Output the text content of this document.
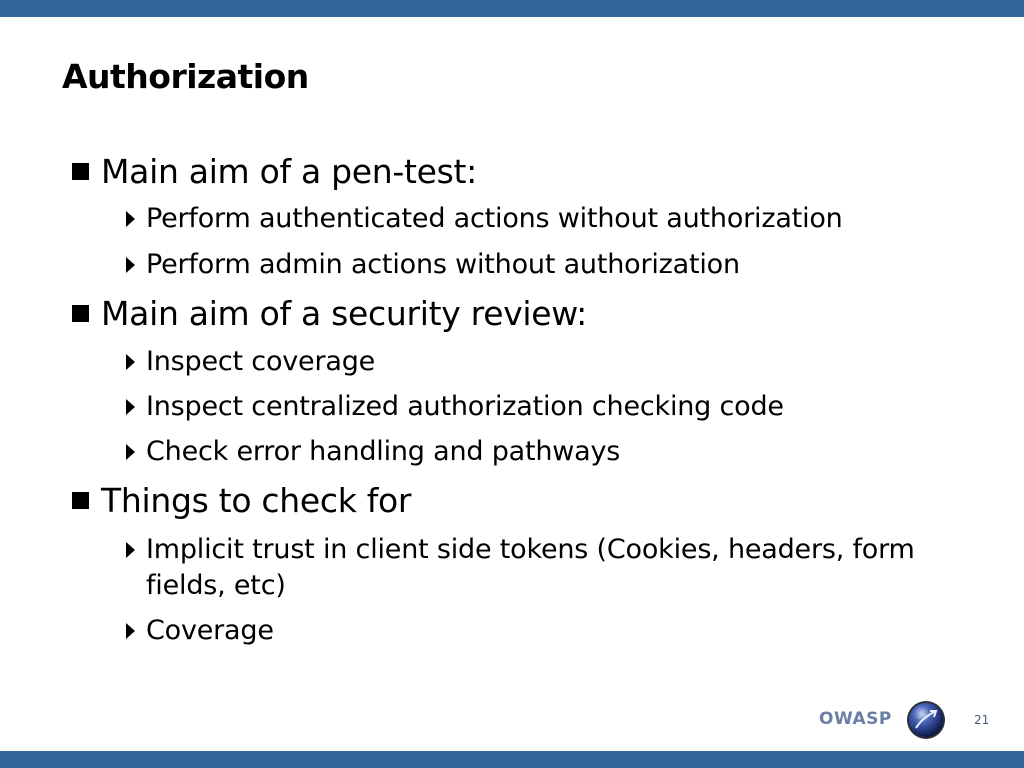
Authorization
Main aim of a pen-test:
Perform authenticated actions without authorization
Perform admin actions without authorization
Main aim of a security review:
Inspect coverage
Inspect centralized authorization checking code
Check error handling and pathways
Things to check for
Implicit trust in client side tokens (Cookies, headers, form fields, etc)
Coverage
OWASP	21
